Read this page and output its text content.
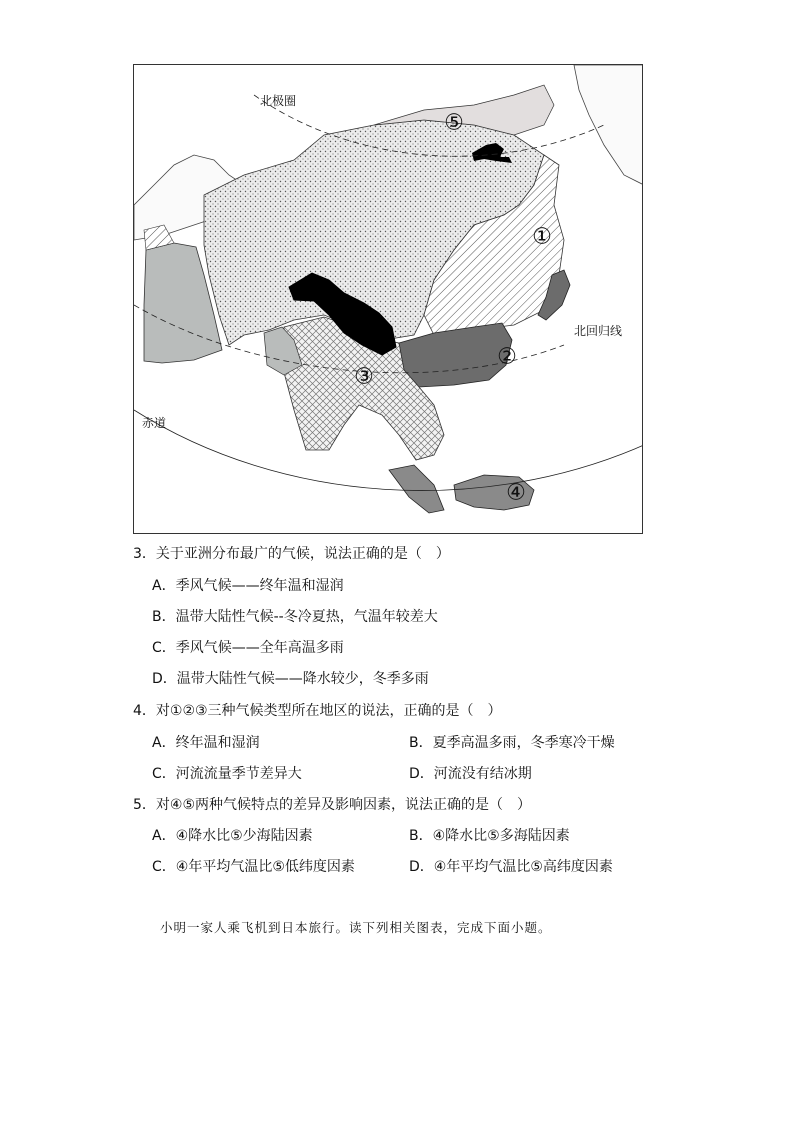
北极圈
北回归线
赤道
①
②
③
④
⑤
3．关于亚洲分布最广的气候，说法正确的是（　）
A．季风气候——终年温和湿润
B．温带大陆性气候--冬冷夏热，气温年较差大
C．季风气候——全年高温多雨
D．温带大陆性气候——降水较少，冬季多雨
4．对①②③三种气候类型所在地区的说法，正确的是（　）
A．终年温和湿润	B．夏季高温多雨，冬季寒冷干燥
C．河流流量季节差异大	D．河流没有结冰期
5．对④⑤两种气候特点的差异及影响因素，说法正确的是（　）
A．④降水比⑤少海陆因素	B．④降水比⑤多海陆因素
C．④年平均气温比⑤低纬度因素	D．④年平均气温比⑤高纬度因素
小明一家人乘飞机到日本旅行。读下列相关图表，完成下面小题。
